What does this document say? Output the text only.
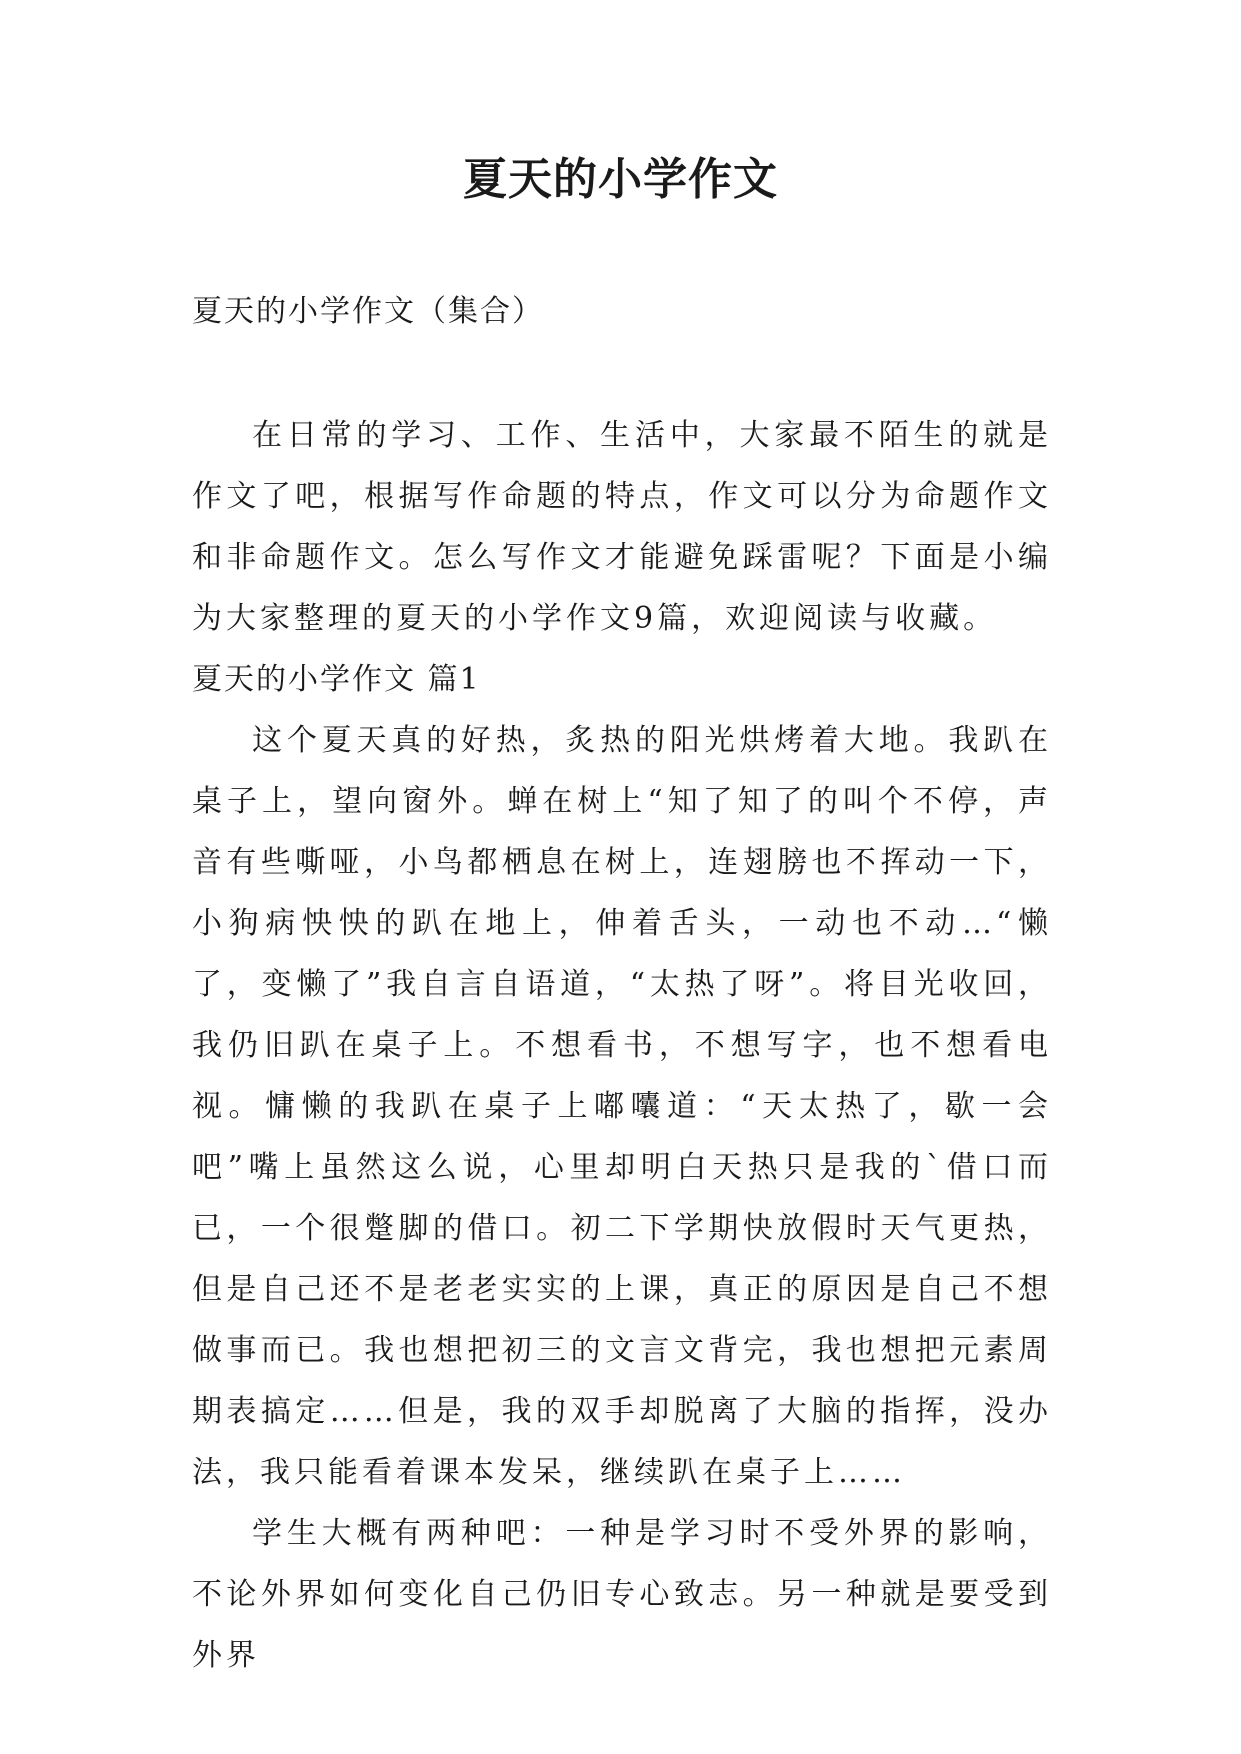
夏天的小学作文

夏天的小学作文（集合）

在日常的学习、工作、生活中，大家最不陌生的就是作文了吧，根据写作命题的特点，作文可以分为命题作文和非命题作文。怎么写作文才能避免踩雷呢？下面是小编为大家整理的夏天的小学作文9篇，欢迎阅读与收藏。

夏天的小学作文 篇1

这个夏天真的好热，炙热的阳光烘烤着大地。我趴在桌子上，望向窗外。蝉在树上“知了知了的叫个不停，声音有些嘶哑，小鸟都栖息在树上，连翅膀也不挥动一下，小狗病怏怏的趴在地上，伸着舌头，一动也不动…“懒了，变懒了”我自言自语道，“太热了呀”。将目光收回，我仍旧趴在桌子上。不想看书，不想写字，也不想看电视。慵懒的我趴在桌子上嘟囔道：“天太热了，歇一会吧”嘴上虽然这么说，心里却明白天热只是我的`借口而已，一个很蹩脚的借口。初二下学期快放假时天气更热，但是自己还不是老老实实的上课，真正的原因是自己不想做事而已。我也想把初三的文言文背完，我也想把元素周期表搞定……但是，我的双手却脱离了大脑的指挥，没办法，我只能看着课本发呆，继续趴在桌子上……

学生大概有两种吧：一种是学习时不受外界的影响，不论外界如何变化自己仍旧专心致志。另一种就是要受到外界
